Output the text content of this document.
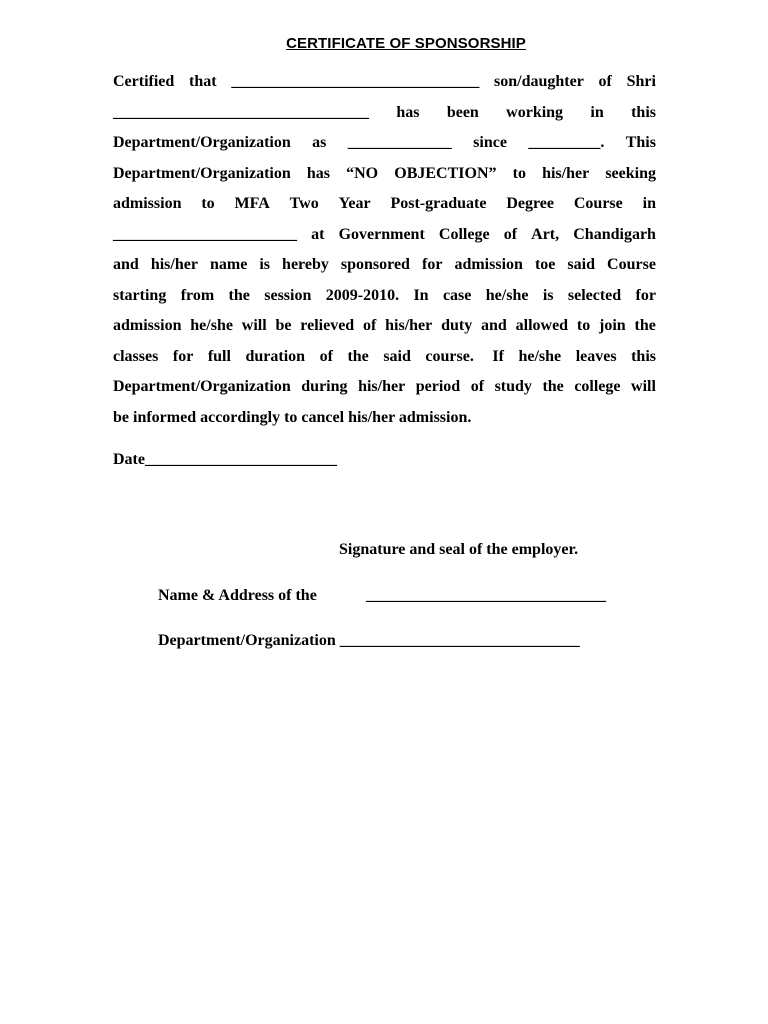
CERTIFICATE OF SPONSORSHIP
Certified that _______________________________ son/daughter of Shri
________________________________ has been working in this
Department/Organization as _____________ since _________. This
Department/Organization has “NO OBJECTION” to his/her seeking
admission to MFA Two Year Post-graduate Degree Course in
_______________________ at Government College of Art, Chandigarh
and his/her name is hereby sponsored for admission toe said Course
starting from the session 2009-2010. In case he/she is selected for
admission he/she will be relieved of his/her duty and allowed to join the
classes for full duration of the said course. If he/she leaves this
Department/Organization during his/her period of study the college will
be informed accordingly to cancel his/her admission.
Date________________________
Signature and seal of the employer.
Name & Address of the	______________________________
Department/Organization ______________________________
